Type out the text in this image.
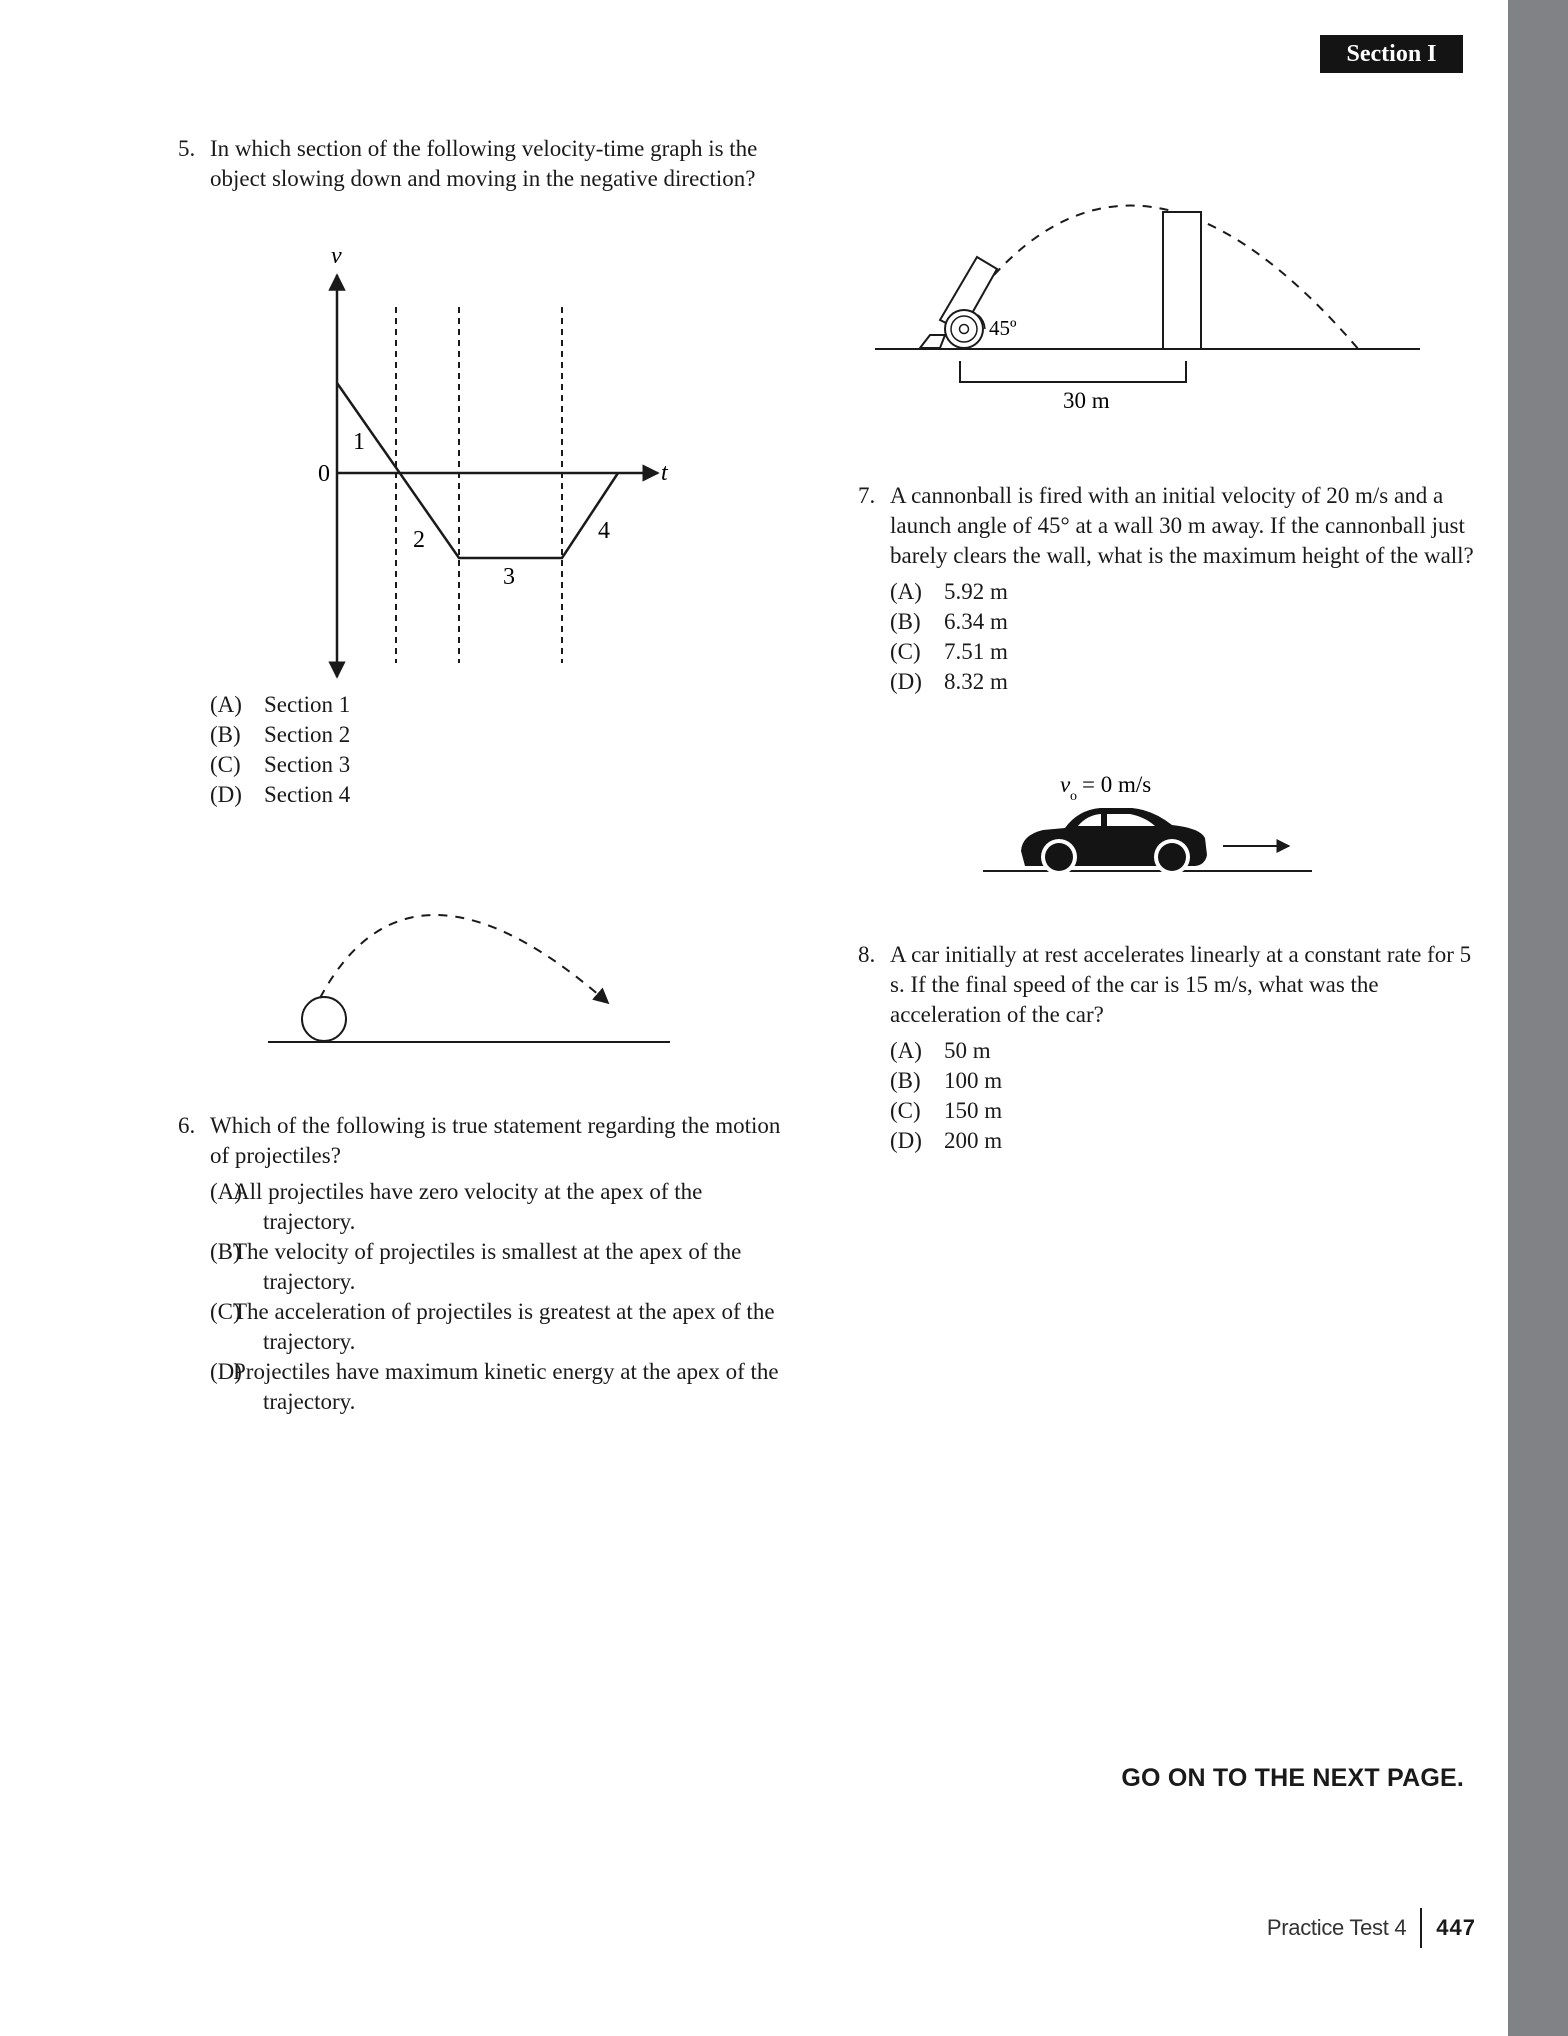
Section I
5. In which section of the following velocity-time graph is the object slowing down and moving in the negative direction?
v
t
0
1
2
3
4
(A) Section 1
(B)	Section 2
(C)	Section 3
(D) Section 4
6. Which of the following is true statement regarding the motion of projectiles?
(A)
All projectiles have zero velocity at the apex of the trajectory.
(B)
The velocity of projectiles is smallest at the apex of the trajectory.
(C)
The acceleration of projectiles is greatest at the apex of the trajectory.
(D)
Projectiles have maximum kinetic energy at the apex of the trajectory.
45º
30 m
7. A cannonball is fired with an initial velocity of 20 m/s and a launch angle of 45° at a wall 30 m away. If the cannonball just barely clears the wall, what is the maximum height of the wall?
(A) 5.92 m
(B)	6.34 m
(C)	7.51 m
(D) 8.32 m
v o = 0 m/s
8. A car initially at rest accelerates linearly at a constant rate for 5 s. If the final speed of the car is 15 m/s, what was the acceleration of the car?
(A) 50 m
(B)	100 m
(C)	150 m
(D) 200 m
GO ON TO THE NEXT PAGE.
Practice Test 4 447
